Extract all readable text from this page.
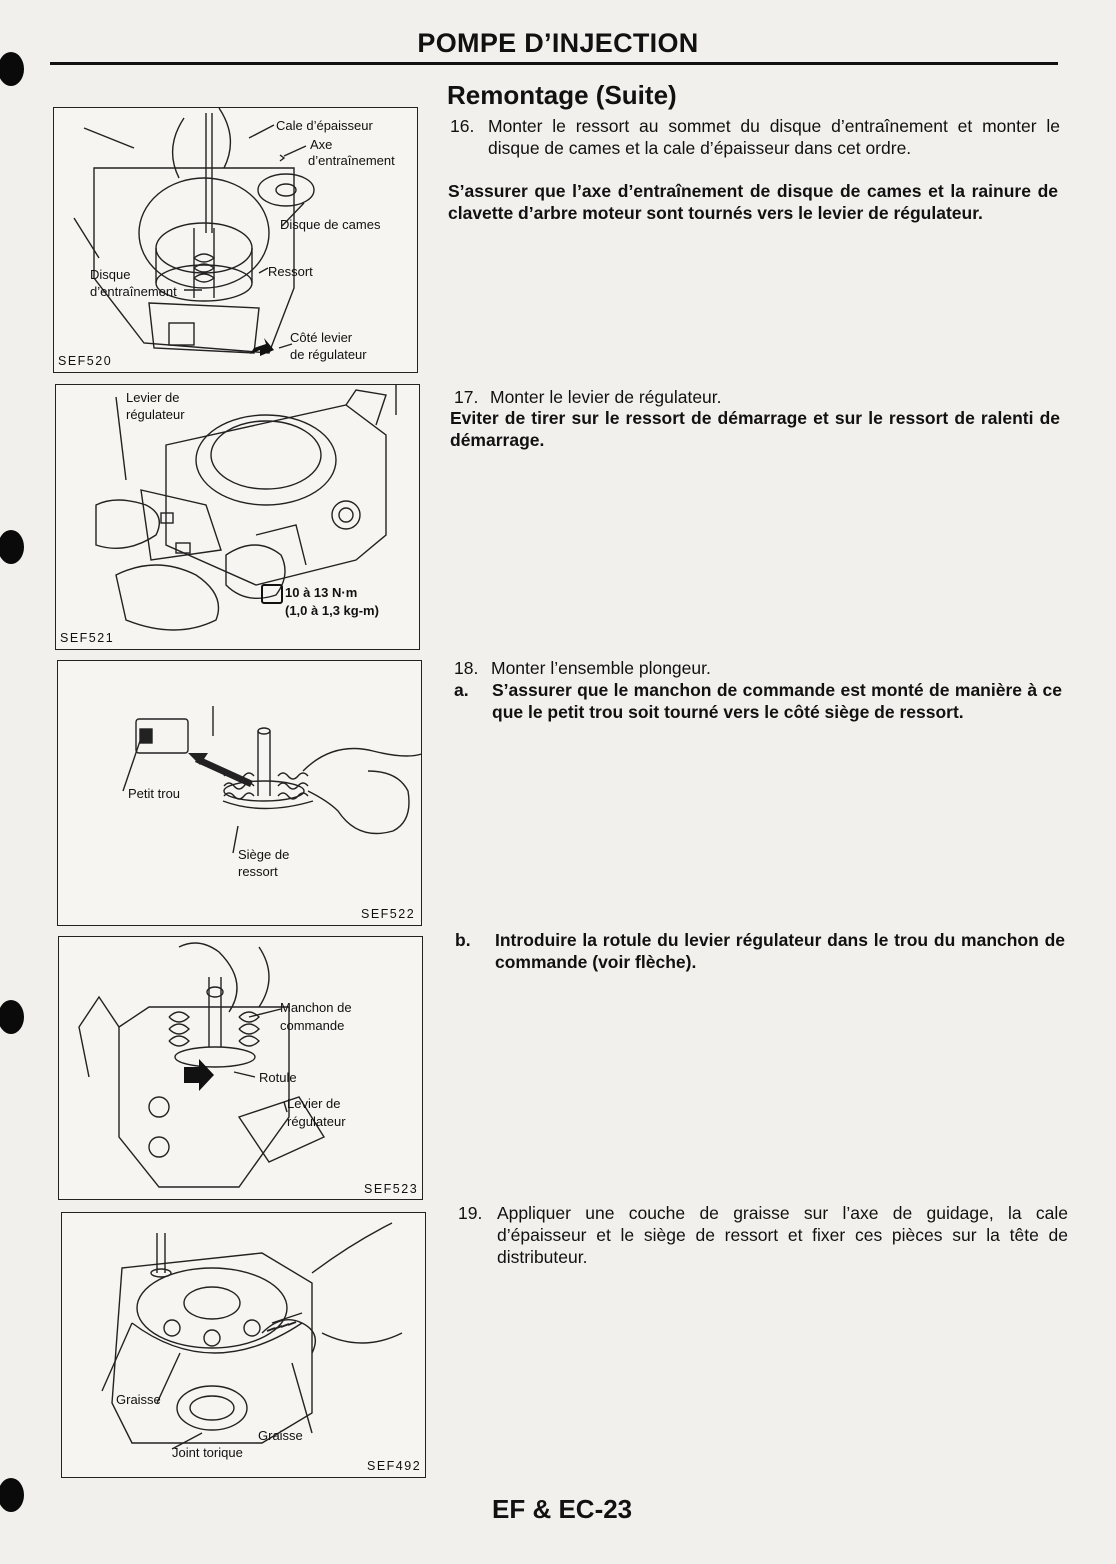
POMPE D’INJECTION
Remontage (Suite)
Cale d’épaisseur
Axe
d’entraînement
Disque de cames
Ressort
Disque
d’entraînement
Côté levier
de régulateur
SEF520
Levier de
régulateur
10 à 13 N·m
(1,0 à 1,3 kg-m)
SEF521
Petit trou
Siège de
ressort
SEF522
Manchon de
commande
Rotule
Levier de
régulateur
SEF523
Graisse
Graisse
Joint torique
SEF492
16. Monter le ressort au sommet du disque d’entraînement et monter le disque de cames et la cale d’épaisseur dans cet ordre.
S’assurer que l’axe d’entraînement de disque de cames et la rainure de clavette d’arbre moteur sont tournés vers le levier de régulateur.
17. Monter le levier de régulateur.
Eviter de tirer sur le ressort de démarrage et sur le ressort de ralenti de démarrage.
18. Monter l’ensemble plongeur.
a. S’assurer que le manchon de commande est monté de manière à ce que le petit trou soit tourné vers le côté siège de ressort.
b. Introduire la rotule du levier régulateur dans le trou du manchon de commande (voir flèche).
19. Appliquer une couche de graisse sur l’axe de guidage, la cale d’épaisseur et le siège de ressort et fixer ces pièces sur la tête de distributeur.
EF & EC-23
